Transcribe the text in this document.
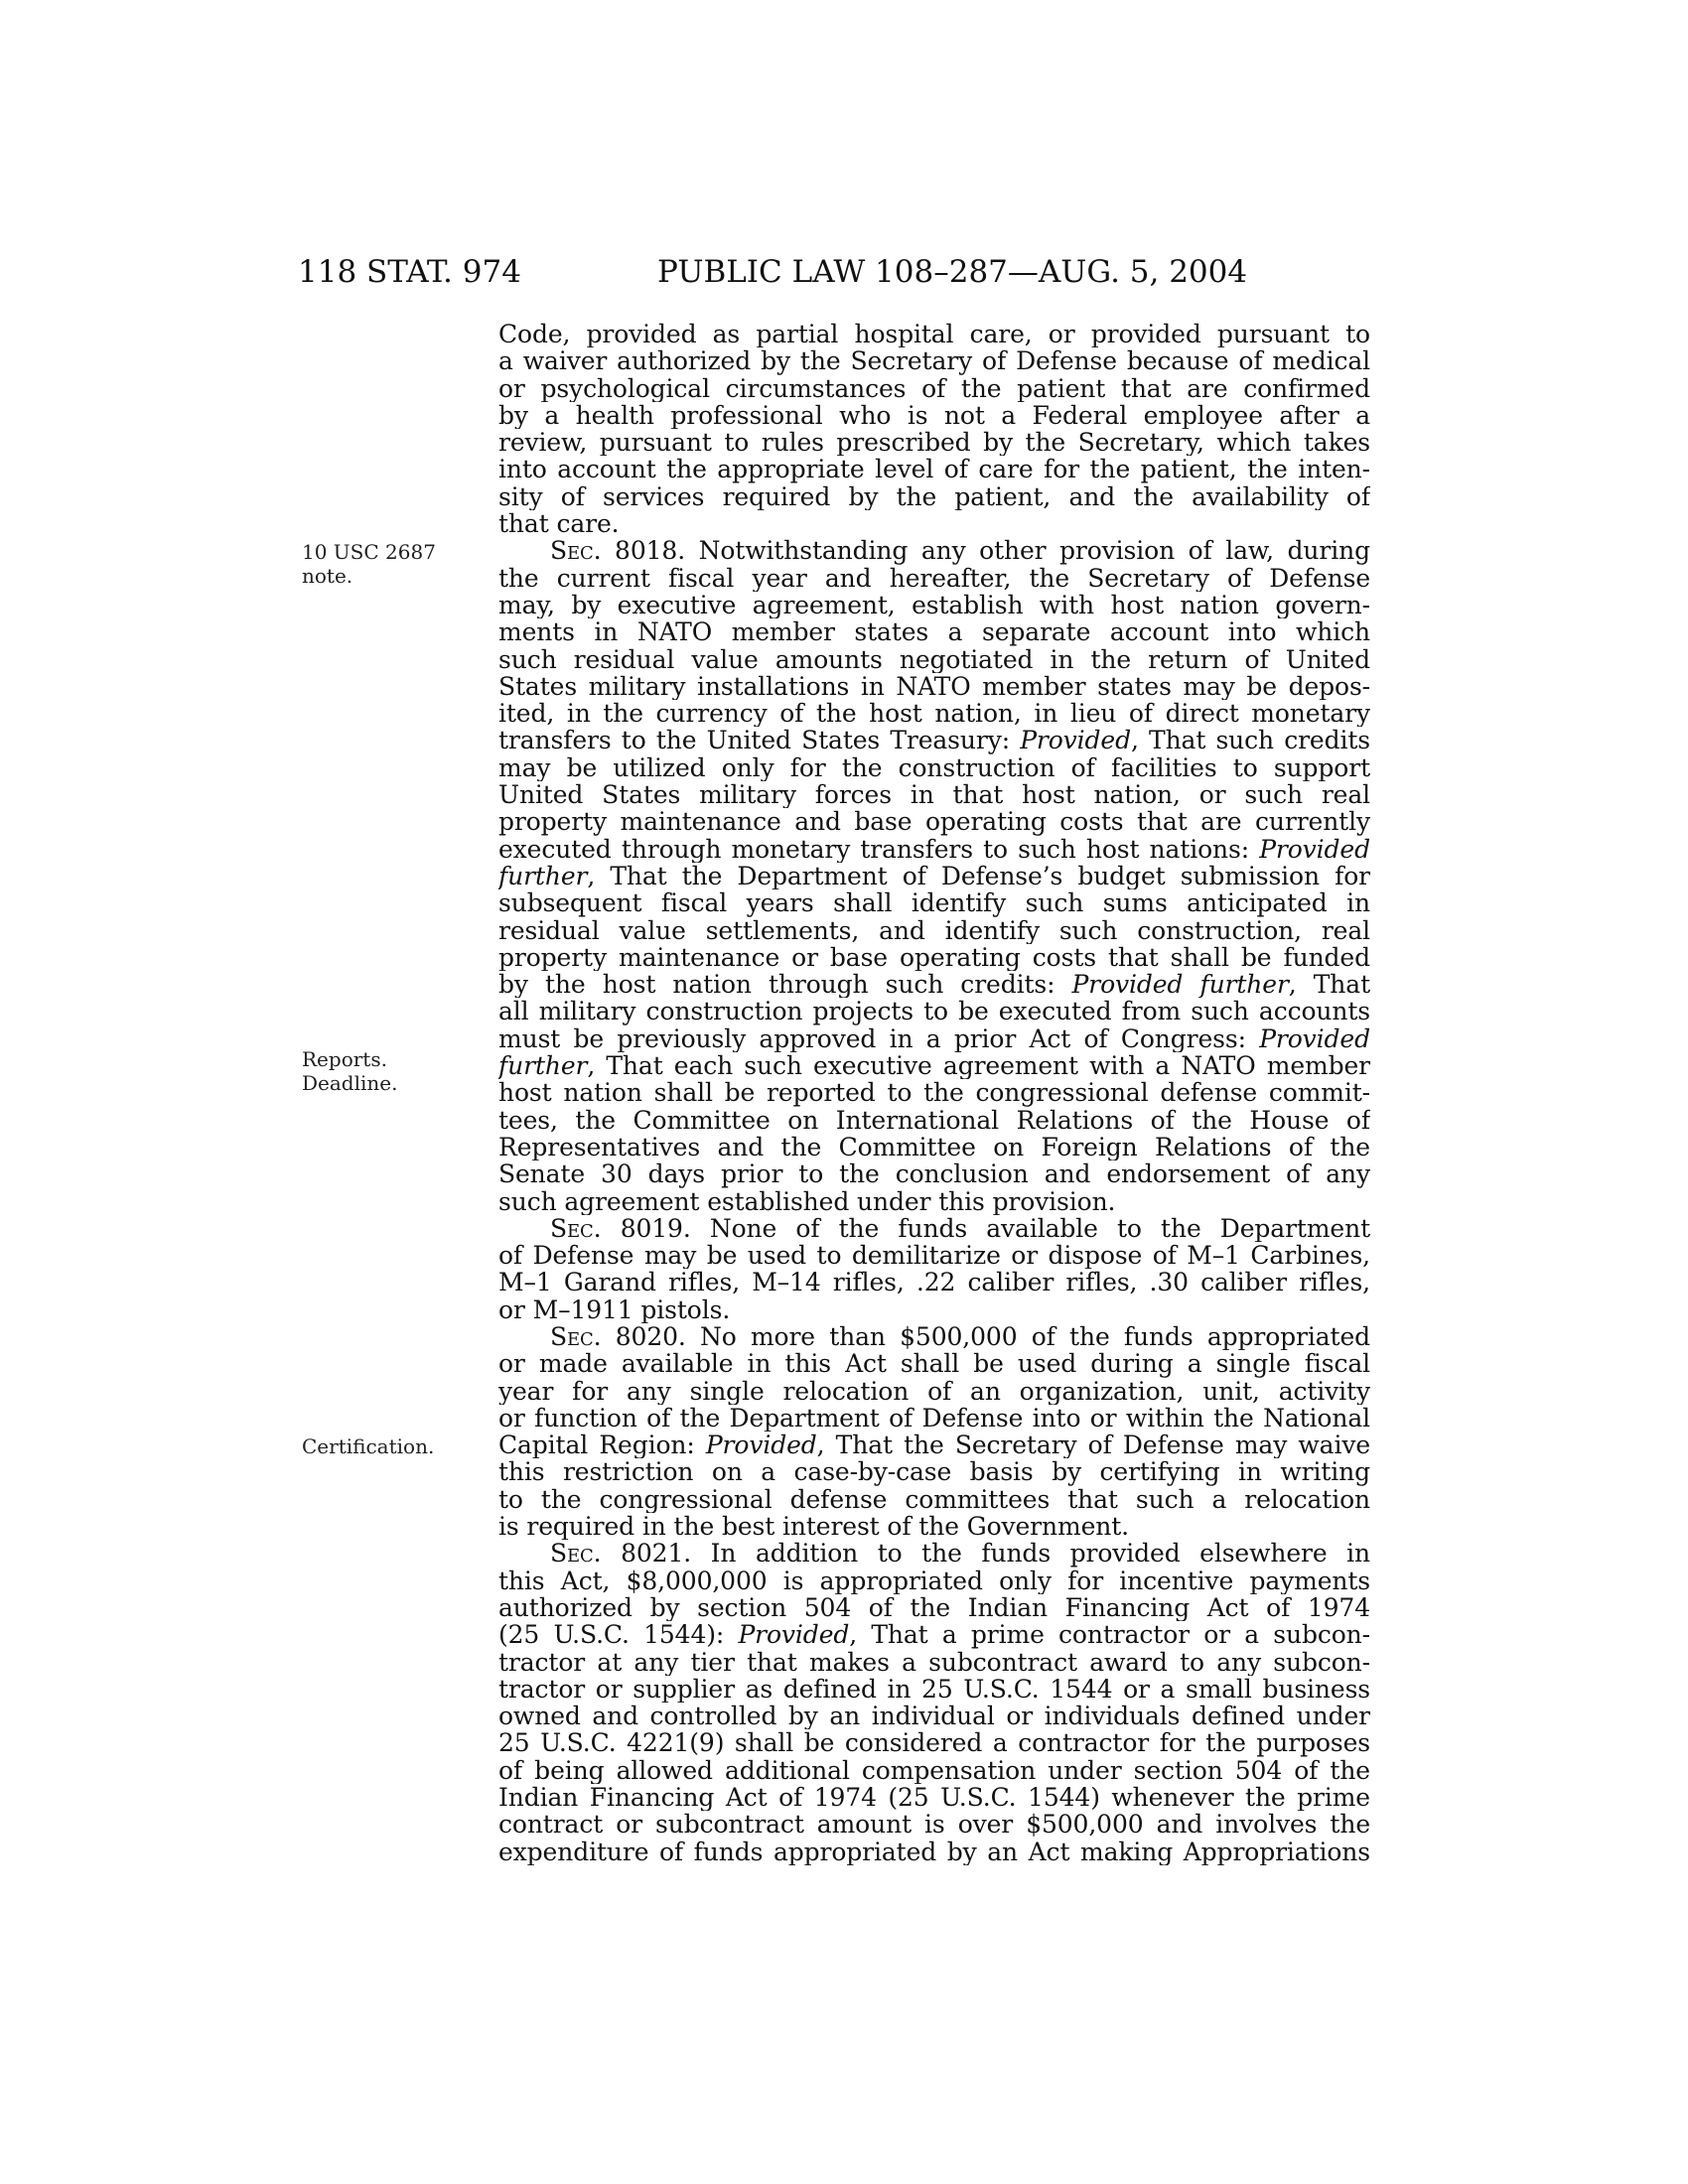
118 STAT. 974	PUBLIC LAW 108–287—AUG. 5, 2004
10 USC 2687
note.
Reports.
Deadline.
Certification.
Code, provided as partial hospital care, or provided pursuant to
a waiver authorized by the Secretary of Defense because of medical
or psychological circumstances of the patient that are confirmed
by a health professional who is not a Federal employee after a
review, pursuant to rules prescribed by the Secretary, which takes
into account the appropriate level of care for the patient, the inten-
sity of services required by the patient, and the availability of
that care.
Sec. 8018. Notwithstanding any other provision of law, during
the current fiscal year and hereafter, the Secretary of Defense
may, by executive agreement, establish with host nation govern-
ments in NATO member states a separate account into which
such residual value amounts negotiated in the return of United
States military installations in NATO member states may be depos-
ited, in the currency of the host nation, in lieu of direct monetary
transfers to the United States Treasury: Provided, That such credits
may be utilized only for the construction of facilities to support
United States military forces in that host nation, or such real
property maintenance and base operating costs that are currently
executed through monetary transfers to such host nations: Provided
further, That the Department of Defense’s budget submission for
subsequent fiscal years shall identify such sums anticipated in
residual value settlements, and identify such construction, real
property maintenance or base operating costs that shall be funded
by the host nation through such credits: Provided further, That
all military construction projects to be executed from such accounts
must be previously approved in a prior Act of Congress: Provided
further, That each such executive agreement with a NATO member
host nation shall be reported to the congressional defense commit-
tees, the Committee on International Relations of the House of
Representatives and the Committee on Foreign Relations of the
Senate 30 days prior to the conclusion and endorsement of any
such agreement established under this provision.
Sec. 8019. None of the funds available to the Department
of Defense may be used to demilitarize or dispose of M–1 Carbines,
M–1 Garand rifles, M–14 rifles, .22 caliber rifles, .30 caliber rifles,
or M–1911 pistols.
Sec. 8020. No more than $500,000 of the funds appropriated
or made available in this Act shall be used during a single fiscal
year for any single relocation of an organization, unit, activity
or function of the Department of Defense into or within the National
Capital Region: Provided, That the Secretary of Defense may waive
this restriction on a case-by-case basis by certifying in writing
to the congressional defense committees that such a relocation
is required in the best interest of the Government.
Sec. 8021. In addition to the funds provided elsewhere in
this Act, $8,000,000 is appropriated only for incentive payments
authorized by section 504 of the Indian Financing Act of 1974
(25 U.S.C. 1544): Provided, That a prime contractor or a subcon-
tractor at any tier that makes a subcontract award to any subcon-
tractor or supplier as defined in 25 U.S.C. 1544 or a small business
owned and controlled by an individual or individuals defined under
25 U.S.C. 4221(9) shall be considered a contractor for the purposes
of being allowed additional compensation under section 504 of the
Indian Financing Act of 1974 (25 U.S.C. 1544) whenever the prime
contract or subcontract amount is over $500,000 and involves the
expenditure of funds appropriated by an Act making Appropriations
